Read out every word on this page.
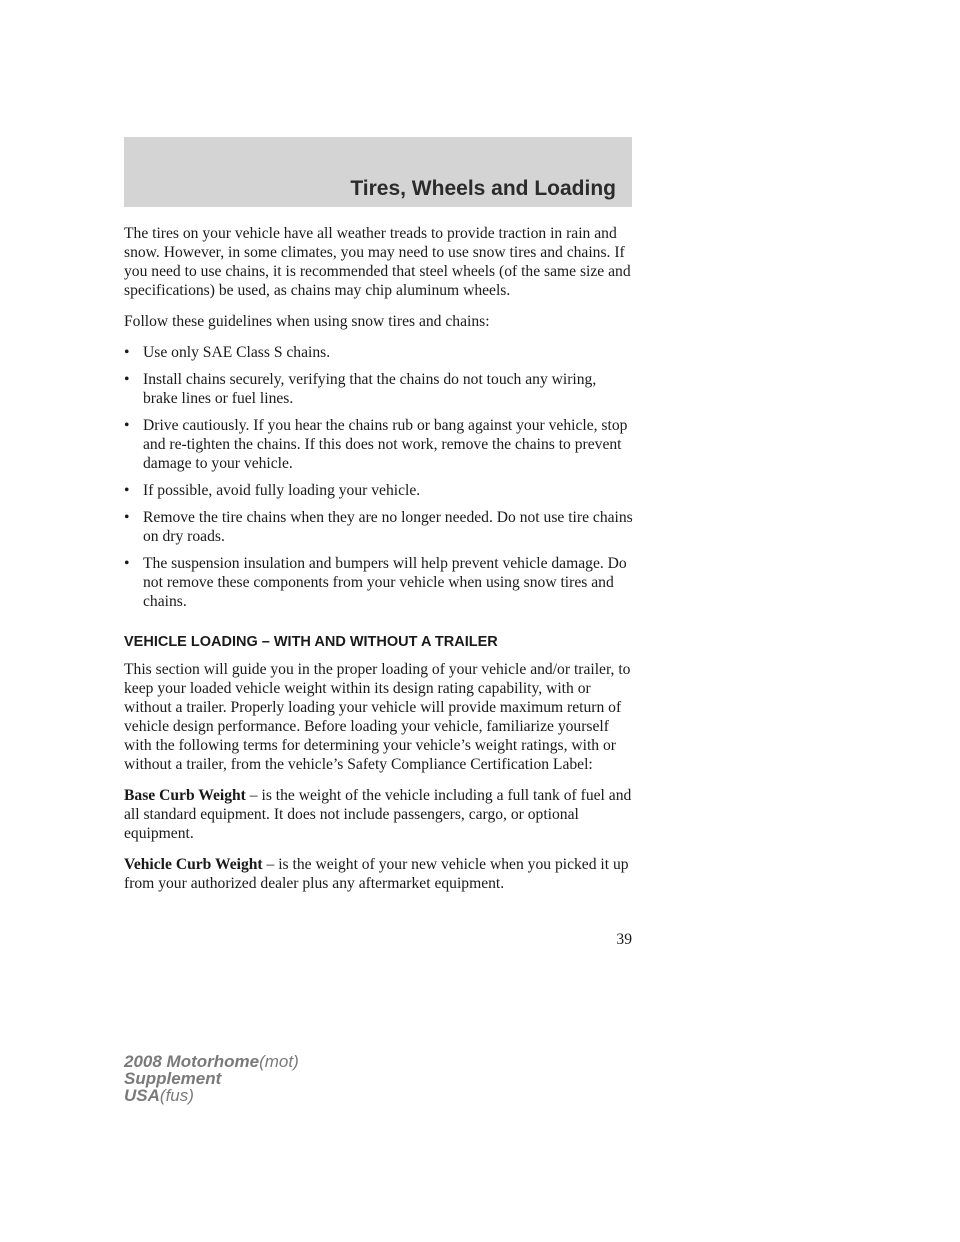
Tires, Wheels and Loading

The tires on your vehicle have all weather treads to provide traction in rain and snow. However, in some climates, you may need to use snow tires and chains. If you need to use chains, it is recommended that steel wheels (of the same size and specifications) be used, as chains may chip aluminum wheels.

Follow these guidelines when using snow tires and chains:

• Use only SAE Class S chains.
• Install chains securely, verifying that the chains do not touch any wiring, brake lines or fuel lines.
• Drive cautiously. If you hear the chains rub or bang against your vehicle, stop and re-tighten the chains. If this does not work, remove the chains to prevent damage to your vehicle.
• If possible, avoid fully loading your vehicle.
• Remove the tire chains when they are no longer needed. Do not use tire chains on dry roads.
• The suspension insulation and bumpers will help prevent vehicle damage. Do not remove these components from your vehicle when using snow tires and chains.
VEHICLE LOADING – WITH AND WITHOUT A TRAILER

This section will guide you in the proper loading of your vehicle and/or trailer, to keep your loaded vehicle weight within its design rating capability, with or without a trailer. Properly loading your vehicle will provide maximum return of vehicle design performance. Before loading your vehicle, familiarize yourself with the following terms for determining your vehicle’s weight ratings, with or without a trailer, from the vehicle’s Safety Compliance Certification Label:

Base Curb Weight – is the weight of the vehicle including a full tank of fuel and all standard equipment. It does not include passengers, cargo, or optional equipment.

Vehicle Curb Weight – is the weight of your new vehicle when you picked it up from your authorized dealer plus any aftermarket equipment.

39
2008 Motorhome(mot)
Supplement
USA(fus)
